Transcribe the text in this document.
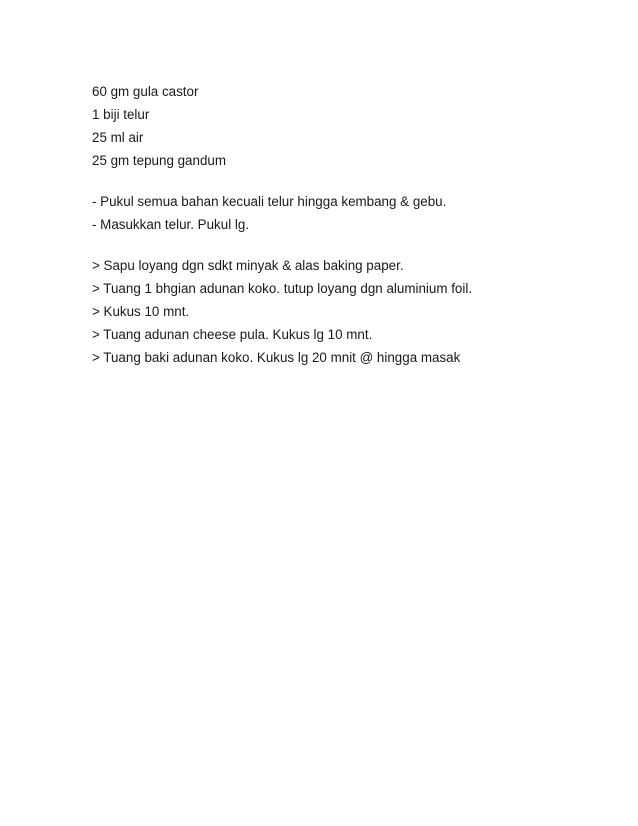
60 gm gula castor
1 biji telur
25 ml air
25 gm tepung gandum
- Pukul semua bahan kecuali telur hingga kembang & gebu.
- Masukkan telur. Pukul lg.
> Sapu loyang dgn sdkt minyak & alas baking paper.
> Tuang 1 bhgian adunan koko. tutup loyang dgn aluminium foil.
> Kukus 10 mnt.
> Tuang adunan cheese pula. Kukus lg 10 mnt.
> Tuang baki adunan koko. Kukus lg 20 mnit @ hingga masak
